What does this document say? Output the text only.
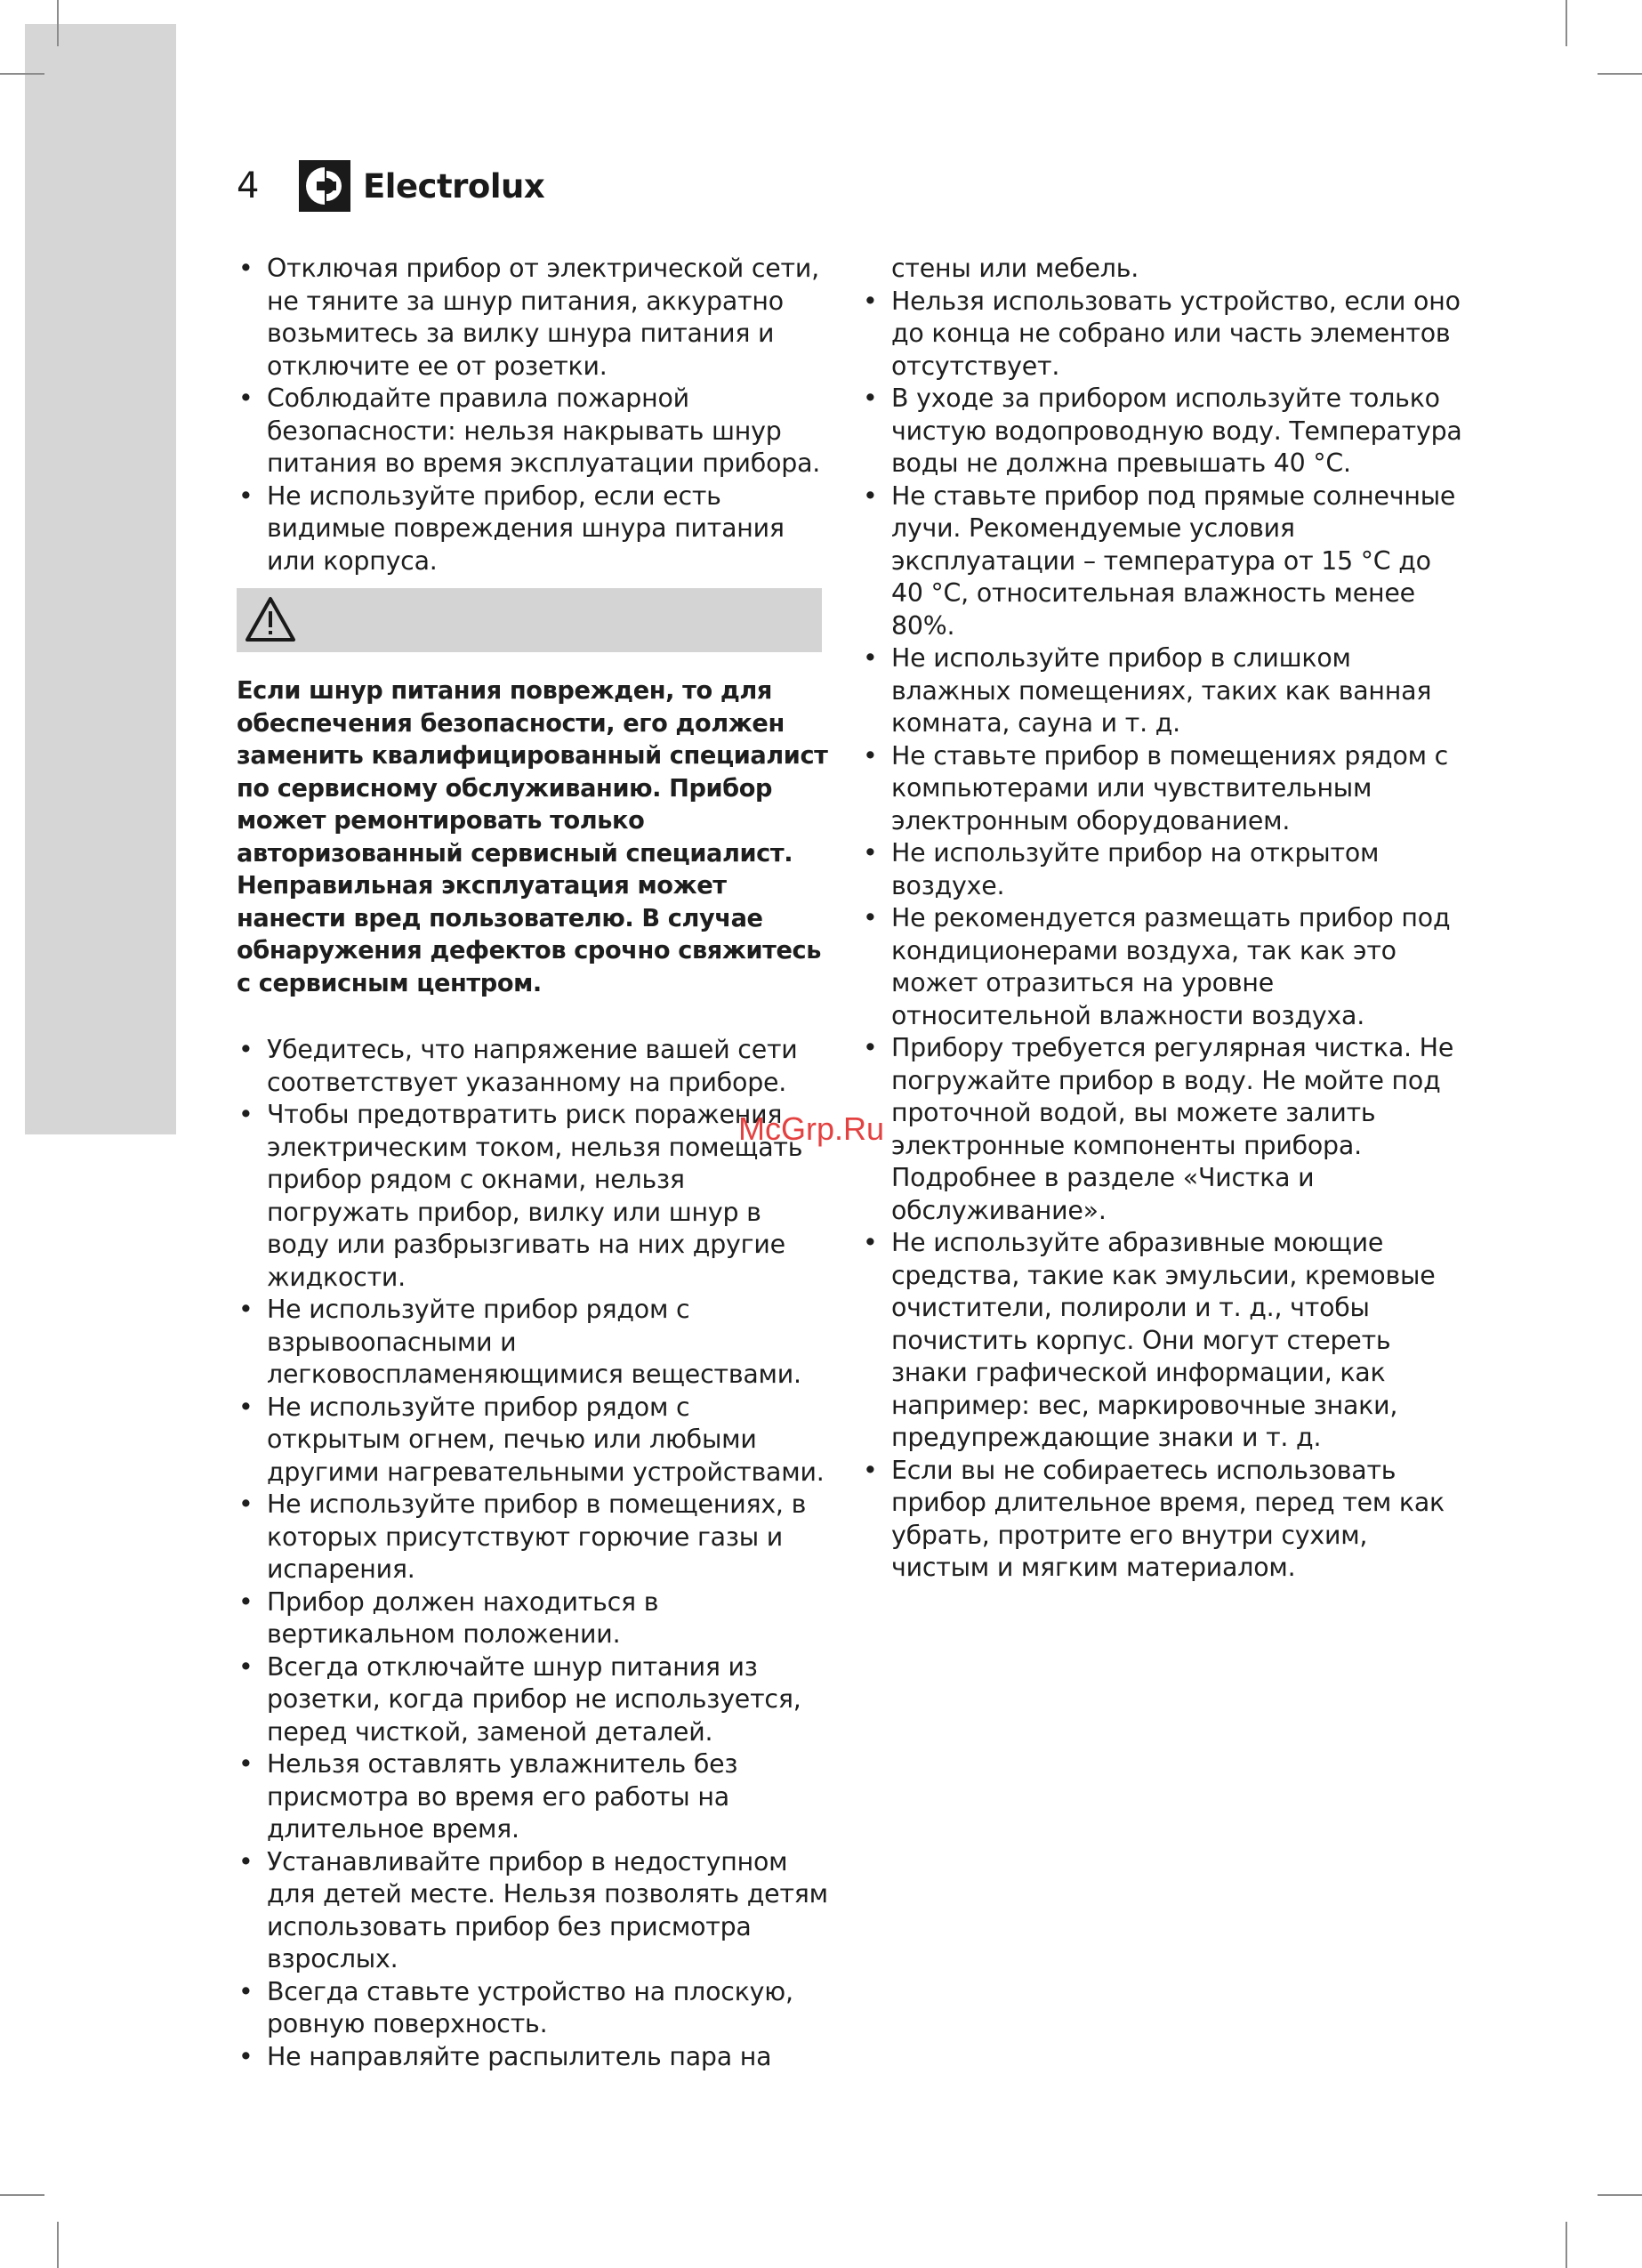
4	Electrolux
• Отключая прибор от электрической сети, не тяните за шнур питания, аккуратно возьмитесь за вилку шнура питания и отключите ее от розетки.
• Соблюдайте правила пожарной безопасности: нельзя накрывать шнур питания во время эксплуатации прибора.
• Не используйте прибор, если есть видимые повреждения шнура питания или корпуса.
Если шнур питания поврежден, то для обеспечения безопасности, его должен заменить квалифицированный специалист по сервисному обслуживанию. Прибор может ремонтировать только авторизованный сервисный специалист. Неправильная эксплуатация может нанести вред пользователю. В случае обнаружения дефектов срочно свяжитесь с сервисным центром.
• Убедитесь, что напряжение вашей сети соответствует указанному на приборе.
• Чтобы предотвратить риск поражения электрическим током, нельзя помещать прибор рядом с окнами, нельзя погружать прибор, вилку или шнур в воду или разбрызгивать на них другие жидкости.
• Не используйте прибор рядом с взрывоопасными и легковоспламеняющимися веществами.
• Не используйте прибор рядом с открытым огнем, печью или любыми другими нагревательными устройствами.
• Не используйте прибор в помещениях, в которых присутствуют горючие газы и испарения.
• Прибор должен находиться в вертикальном положении.
• Всегда отключайте шнур питания из розетки, когда прибор не используется, перед чисткой, заменой деталей.
• Нельзя оставлять увлажнитель без присмотра во время его работы на длительное время.
• Устанавливайте прибор в недоступном для детей месте. Нельзя позволять детям использовать прибор без присмотра взрослых.
• Всегда ставьте устройство на плоскую, ровную поверхность.
• Не направляйте распылитель пара на
стены или мебель.
• Нельзя использовать устройство, если оно до конца не собрано или часть элементов отсутствует.
• В уходе за прибором используйте только чистую водопроводную воду. Температура воды не должна превышать 40 °C.
• Не ставьте прибор под прямые солнечные лучи. Рекомендуемые условия эксплуатации – температура от 15 °C до 40 °C, относительная влажность менее 80%.
• Не используйте прибор в слишком влажных помещениях, таких как ванная комната, сауна и т. д.
• Не ставьте прибор в помещениях рядом с компьютерами или чувствительным электронным оборудованием.
• Не используйте прибор на открытом воздухе.
• Не рекомендуется размещать прибор под кондиционерами воздуха, так как это может отразиться на уровне относительной влажности воздуха.
• Прибору требуется регулярная чистка. Не погружайте прибор в воду. Не мойте под проточной водой, вы можете залить электронные компоненты прибора. Подробнее в разделе «Чистка и обслуживание».
• Не используйте абразивные моющие средства, такие как эмульсии, кремовые очистители, полироли и т. д., чтобы почистить корпус. Они могут стереть знаки графической информации, как например: вес, маркировочные знаки, предупреждающие знаки и т. д.
• Если вы не собираетесь использовать прибор длительное время, перед тем как убрать, протрите его внутри сухим, чистым и мягким материалом.
McGrp.Ru
